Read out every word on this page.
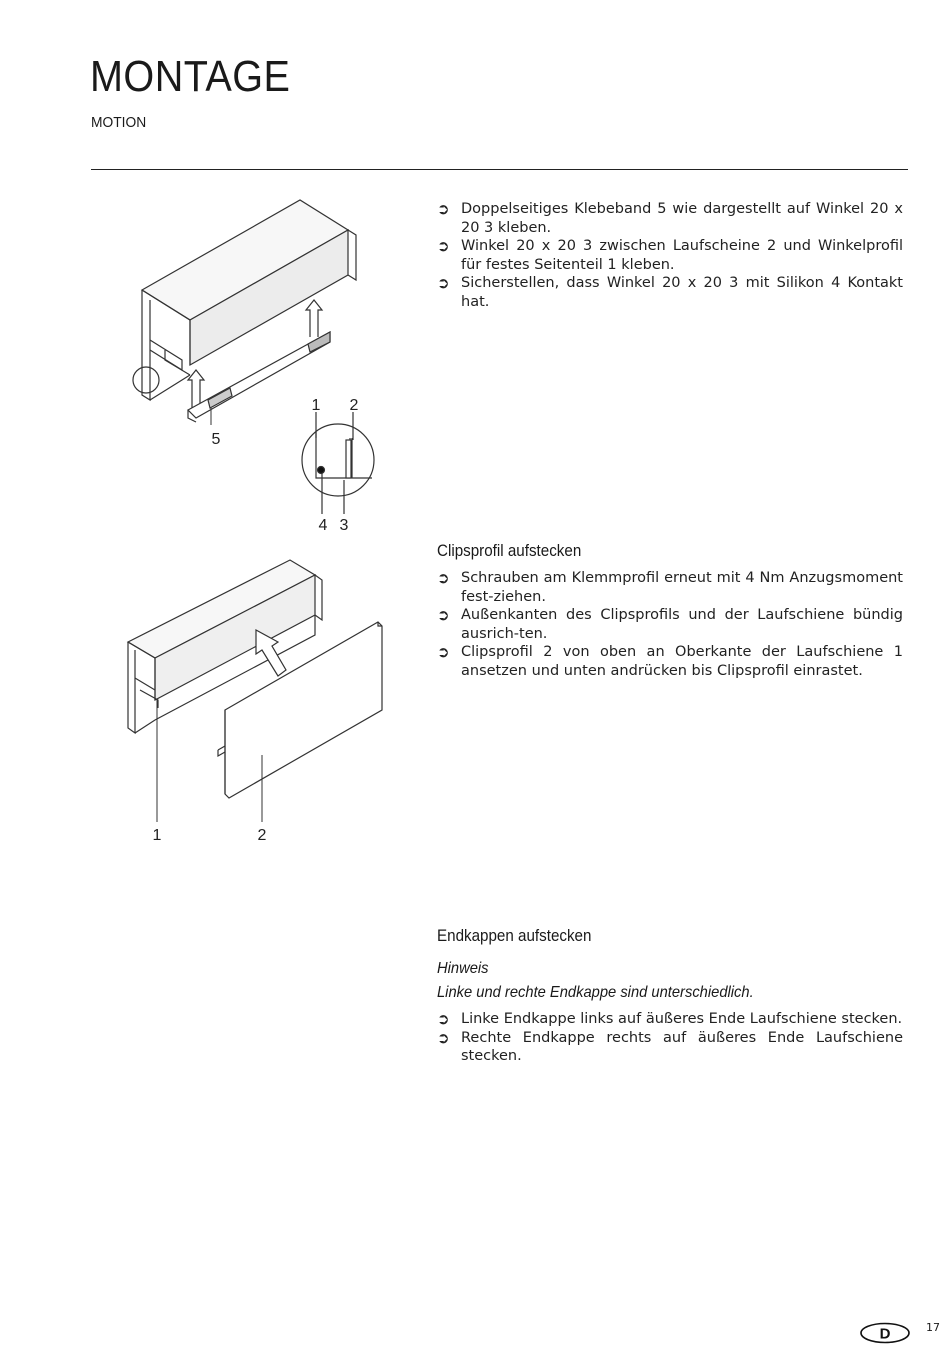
MONTAGE
MOTION
5
1 2
4 3
➲ Doppelseitiges Klebeband 5 wie dargestellt auf Winkel 20 x 20 3 kleben.
➲ Winkel 20 x 20 3 zwischen Laufscheine 2 und Winkelprofil für festes Seitenteil 1 kleben.
➲ Sicherstellen, dass Winkel 20 x 20 3 mit Silikon 4 Kontakt hat.
1	2
Clipsprofil aufstecken
➲ Schrauben am Klemmprofil erneut mit 4 Nm Anzugsmoment fest-ziehen.
➲ Außenkanten des Clipsprofils und der Laufschiene bündig ausrich-ten.
➲ Clipsprofil 2 von oben an Oberkante der Laufschiene 1 ansetzen und unten andrücken bis Clipsprofil einrastet.
Endkappen aufstecken
Hinweis
Linke und rechte Endkappe sind unterschiedlich.
➲ Linke Endkappe links auf äußeres Ende Laufschiene stecken.
➲ Rechte Endkappe rechts auf äußeres Ende Laufschiene stecken.
D	17
